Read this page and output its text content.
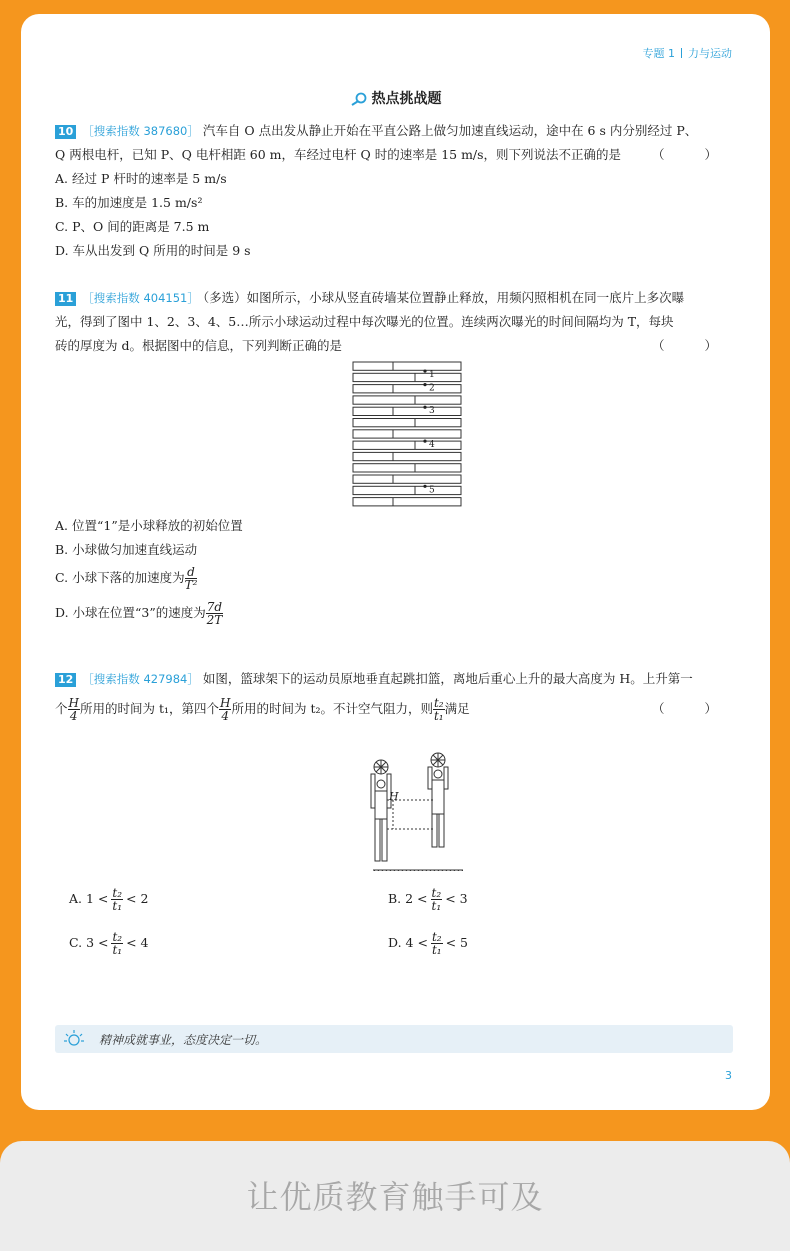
专题 1 力与运动
热点挑战题
10 ［搜索指数 387680］ 汽车自 O 点出发从静止开始在平直公路上做匀加速直线运动，途中在 6 s 内分别经过 P、
Q 两根电杆，已知 P、Q 电杆相距 60 m，车经过电杆 Q 时的速率是 15 m/s，则下列说法不正确的是 （ ）
A. 经过 P 杆时的速率是 5 m/s
B. 车的加速度是 1.5 m/s²
C. P、O 间的距离是 7.5 m
D. 车从出发到 Q 所用的时间是 9 s
11 ［搜索指数 404151］ （多选）如图所示，小球从竖直砖墙某位置静止释放，用频闪照相机在同一底片上多次曝
光，得到了图中 1、2、3、4、5…所示小球运动过程中每次曝光的位置。连续两次曝光的时间间隔均为 T，每块
砖的厚度为 d。根据图中的信息，下列判断正确的是	（ ）
1
2
3
4
5
A. 位置“1”是小球释放的初始位置
B. 小球做匀加速直线运动
C. 小球下落的加速度为 $\frac{d}{\text{T²}}$
D. 小球在位置“3”的速度为 $\frac{7d}{2T}$
12 ［搜索指数 427984］ 如图，篮球架下的运动员原地垂直起跳扣篮，离地后重心上升的最大高度为 H。上升第一
个 $\frac{H}{4}$ 所用的时间为 t₁，第四个 $\frac{H}{4}$ 所用的时间为 t₂。不计空气阻力，则 $\frac{\text{t₂}}{\text{t₁}}$ 满足	（ ）
H
A. $1 < \frac{\text{t₂}}{\text{t₁}} < 2$	B. $2 < \frac{\text{t₂}}{\text{t₁}} < 3$
C. $3 < \frac{\text{t₂}}{\text{t₁}} < 4$	D. $4 < \frac{\text{t₂}}{\text{t₁}} < 5$
精神成就事业，态度决定一切。
3
让优质教育触手可及
